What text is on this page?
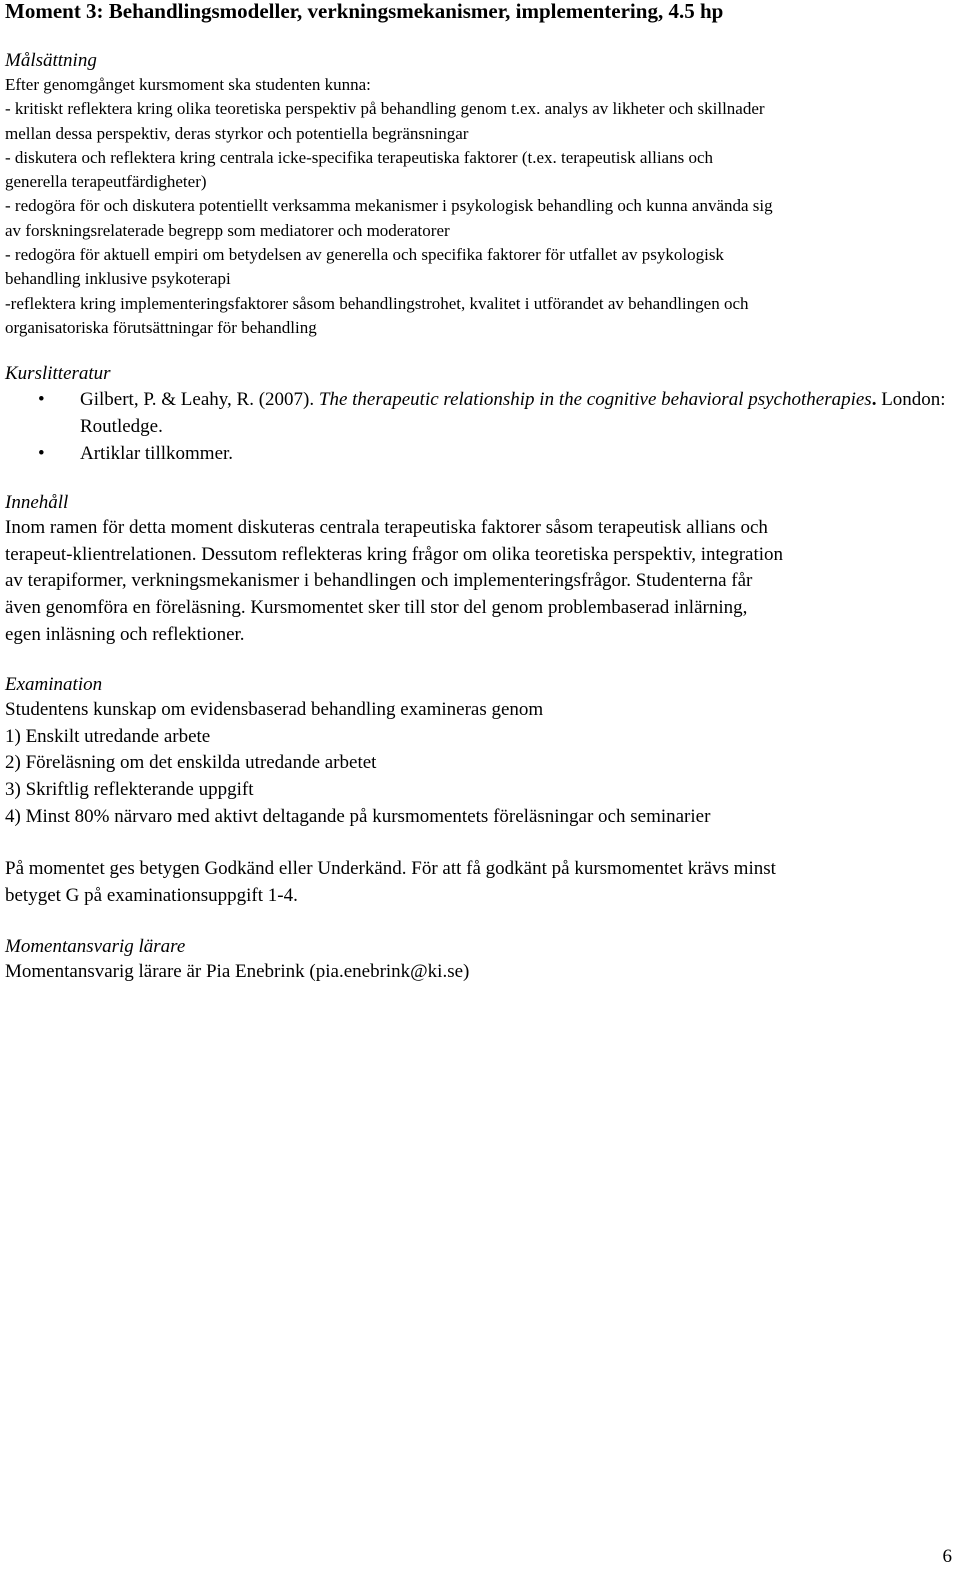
Moment 3: Behandlingsmodeller, verkningsmekanismer, implementering, 4.5 hp

Målsättning

Efter genomgånget kursmoment ska studenten kunna:

- kritiskt reflektera kring olika teoretiska perspektiv på behandling genom t.ex. analys av likheter och skillnader

mellan dessa perspektiv, deras styrkor och potentiella begränsningar

- diskutera och reflektera kring centrala icke-specifika terapeutiska faktorer (t.ex. terapeutisk allians och

generella terapeutfärdigheter)

- redogöra för och diskutera potentiellt verksamma mekanismer i psykologisk behandling och kunna använda sig

av forskningsrelaterade begrepp som mediatorer och moderatorer

- redogöra för aktuell empiri om betydelsen av generella och specifika faktorer för utfallet av psykologisk

behandling inklusive psykoterapi

-reflektera kring implementeringsfaktorer såsom behandlingstrohet, kvalitet i utförandet av behandlingen och

organisatoriska förutsättningar för behandling

Kurslitteratur

• Gilbert, P. & Leahy, R. (2007). The therapeutic relationship in the cognitive behavioral psychotherapies. London: Routledge.
• Artiklar tillkommer.

Innehåll

Inom ramen för detta moment diskuteras centrala terapeutiska faktorer såsom terapeutisk allians och

terapeut-klientrelationen. Dessutom reflekteras kring frågor om olika teoretiska perspektiv, integration

av terapiformer, verkningsmekanismer i behandlingen och implementeringsfrågor. Studenterna får

även genomföra en föreläsning. Kursmomentet sker till stor del genom problembaserad inlärning,

egen inläsning och reflektioner.

Examination

Studentens kunskap om evidensbaserad behandling examineras genom

1) Enskilt utredande arbete

2) Föreläsning om det enskilda utredande arbetet

3) Skriftlig reflekterande uppgift

4) Minst 80% närvaro med aktivt deltagande på kursmomentets föreläsningar och seminarier

På momentet ges betygen Godkänd eller Underkänd. För att få godkänt på kursmomentet krävs minst

betyget G på examinationsuppgift 1-4.

Momentansvarig lärare

Momentansvarig lärare är Pia Enebrink (pia.enebrink@ki.se)

6
